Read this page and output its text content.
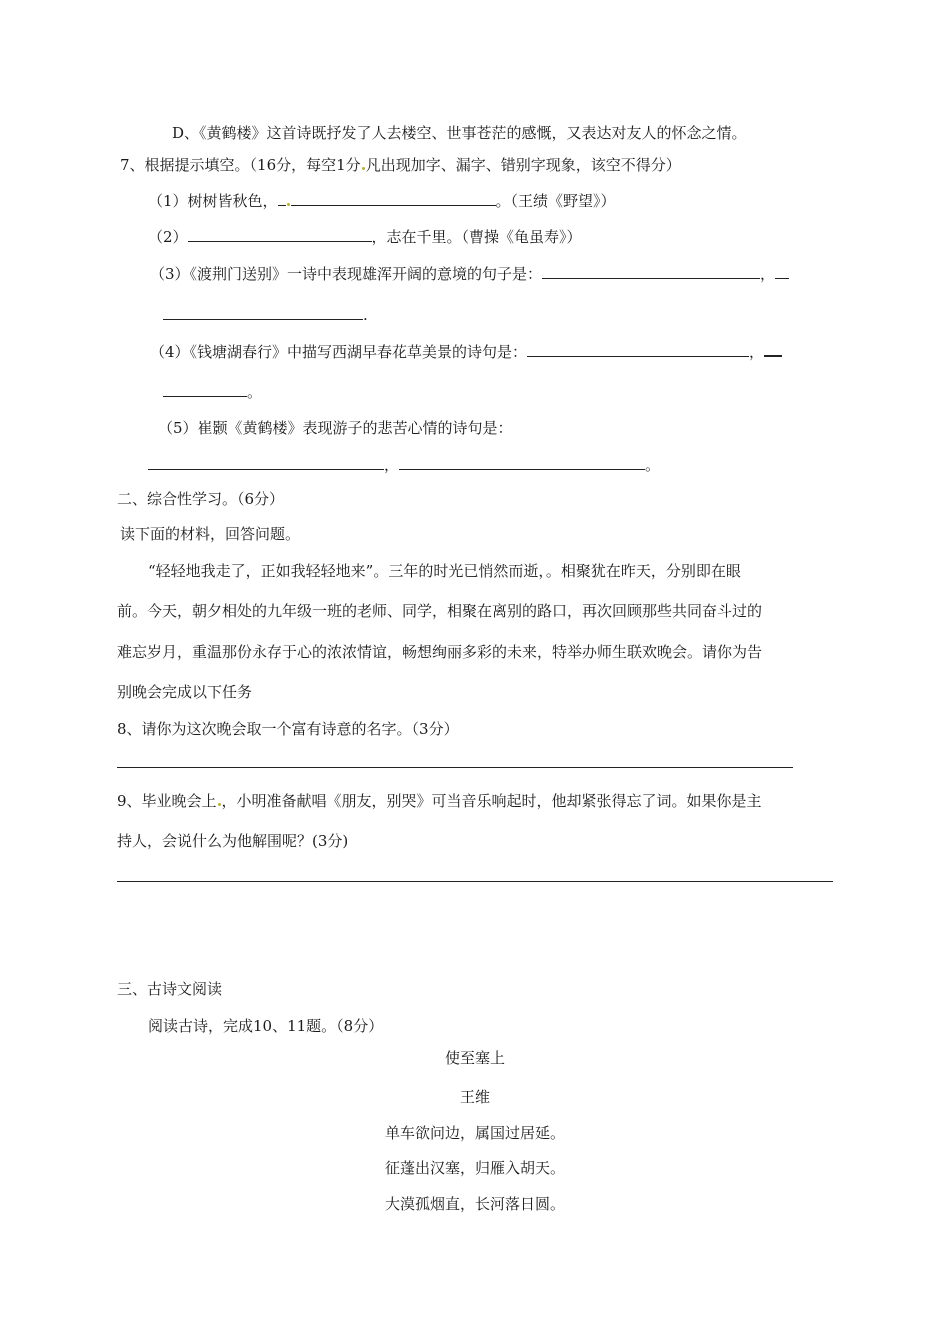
D、《黄鹤楼》这首诗既抒发了人去楼空、世事苍茫的感慨，又表达对友人的怀念之情。
7、根据提示填空。（16分，每空1分 凡出现加字、漏字、错别字现象，该空不得分）
（1）树树皆秋色，	。（王绩《野望》）
（2）	，志在千里。（曹操《龟虽寿》）
（3）《渡荆门送别》一诗中表现雄浑开阔的意境的句子是：	，
.
（4）《钱塘湖春行》中描写西湖早春花草美景的诗句是：	，
。
（5）崔颢《黄鹤楼》表现游子的悲苦心情的诗句是：
，	。
二、综合性学习。（6分）
读下面的材料，回答问题。
“轻轻地我走了，正如我轻轻地来”。三年的时光已悄然而逝，。相聚犹在昨天，分别即在眼
前。今天，朝夕相处的九年级一班的老师、同学，相聚在离别的路口，再次回顾那些共同奋斗过的
难忘岁月，重温那份永存于心的浓浓情谊，畅想绚丽多彩的未来，特举办师生联欢晚会。请你为告
别晚会完成以下任务
8、请你为这次晚会取一个富有诗意的名字。（3分）
9、毕业晚会上 ，小明准备献唱《朋友，别哭》可当音乐响起时，他却紧张得忘了词。如果你是主
持人，会说什么为他解围呢？(3分)
三、古诗文阅读
阅读古诗，完成10、11题。（8分）
使至塞上
王维
单车欲问边，属国过居延。
征蓬出汉塞，归雁入胡天。
大漠孤烟直，长河落日圆。
